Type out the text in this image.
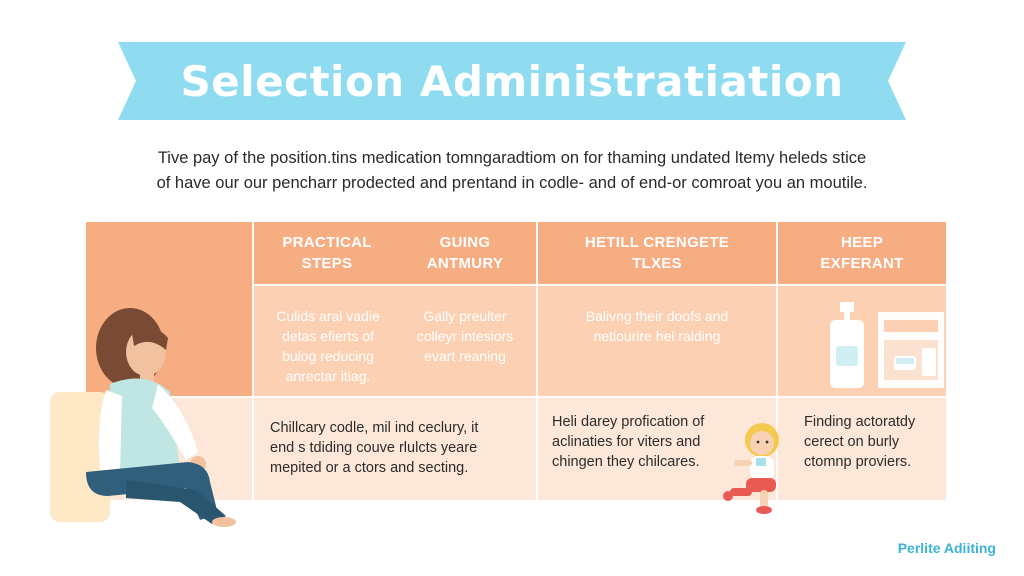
Selection Administratiation

Tive pay of the position.tins medication tomngaradtiom on for thaming undated ltemy heleds stice

of have our our pencharr prodected and prentand in codle- and of end-or comroat you an moutile.

PRACTICAL
STEPS
GUING
ANTMURY
HETILL CRENGETE
TLXES
HEEP
EXFERANT
Culids aral vadie
detas efierts of
bulog reducing
anrectar itiag.
Gally preulter
colleyr intesiors
evart reaning
Balivng their doofs and
netiourire hel ralding
Chillcary codle, mil ind ceclury, it
end s tdiding couve rlulcts yeare
mepited or a ctors and secting.
Heli darey profication of
aclinaties for viters and
chingen they chilcares.
Finding actoratdy
cerect on burly
ctomnp proviers.
Perlite Adiiting
